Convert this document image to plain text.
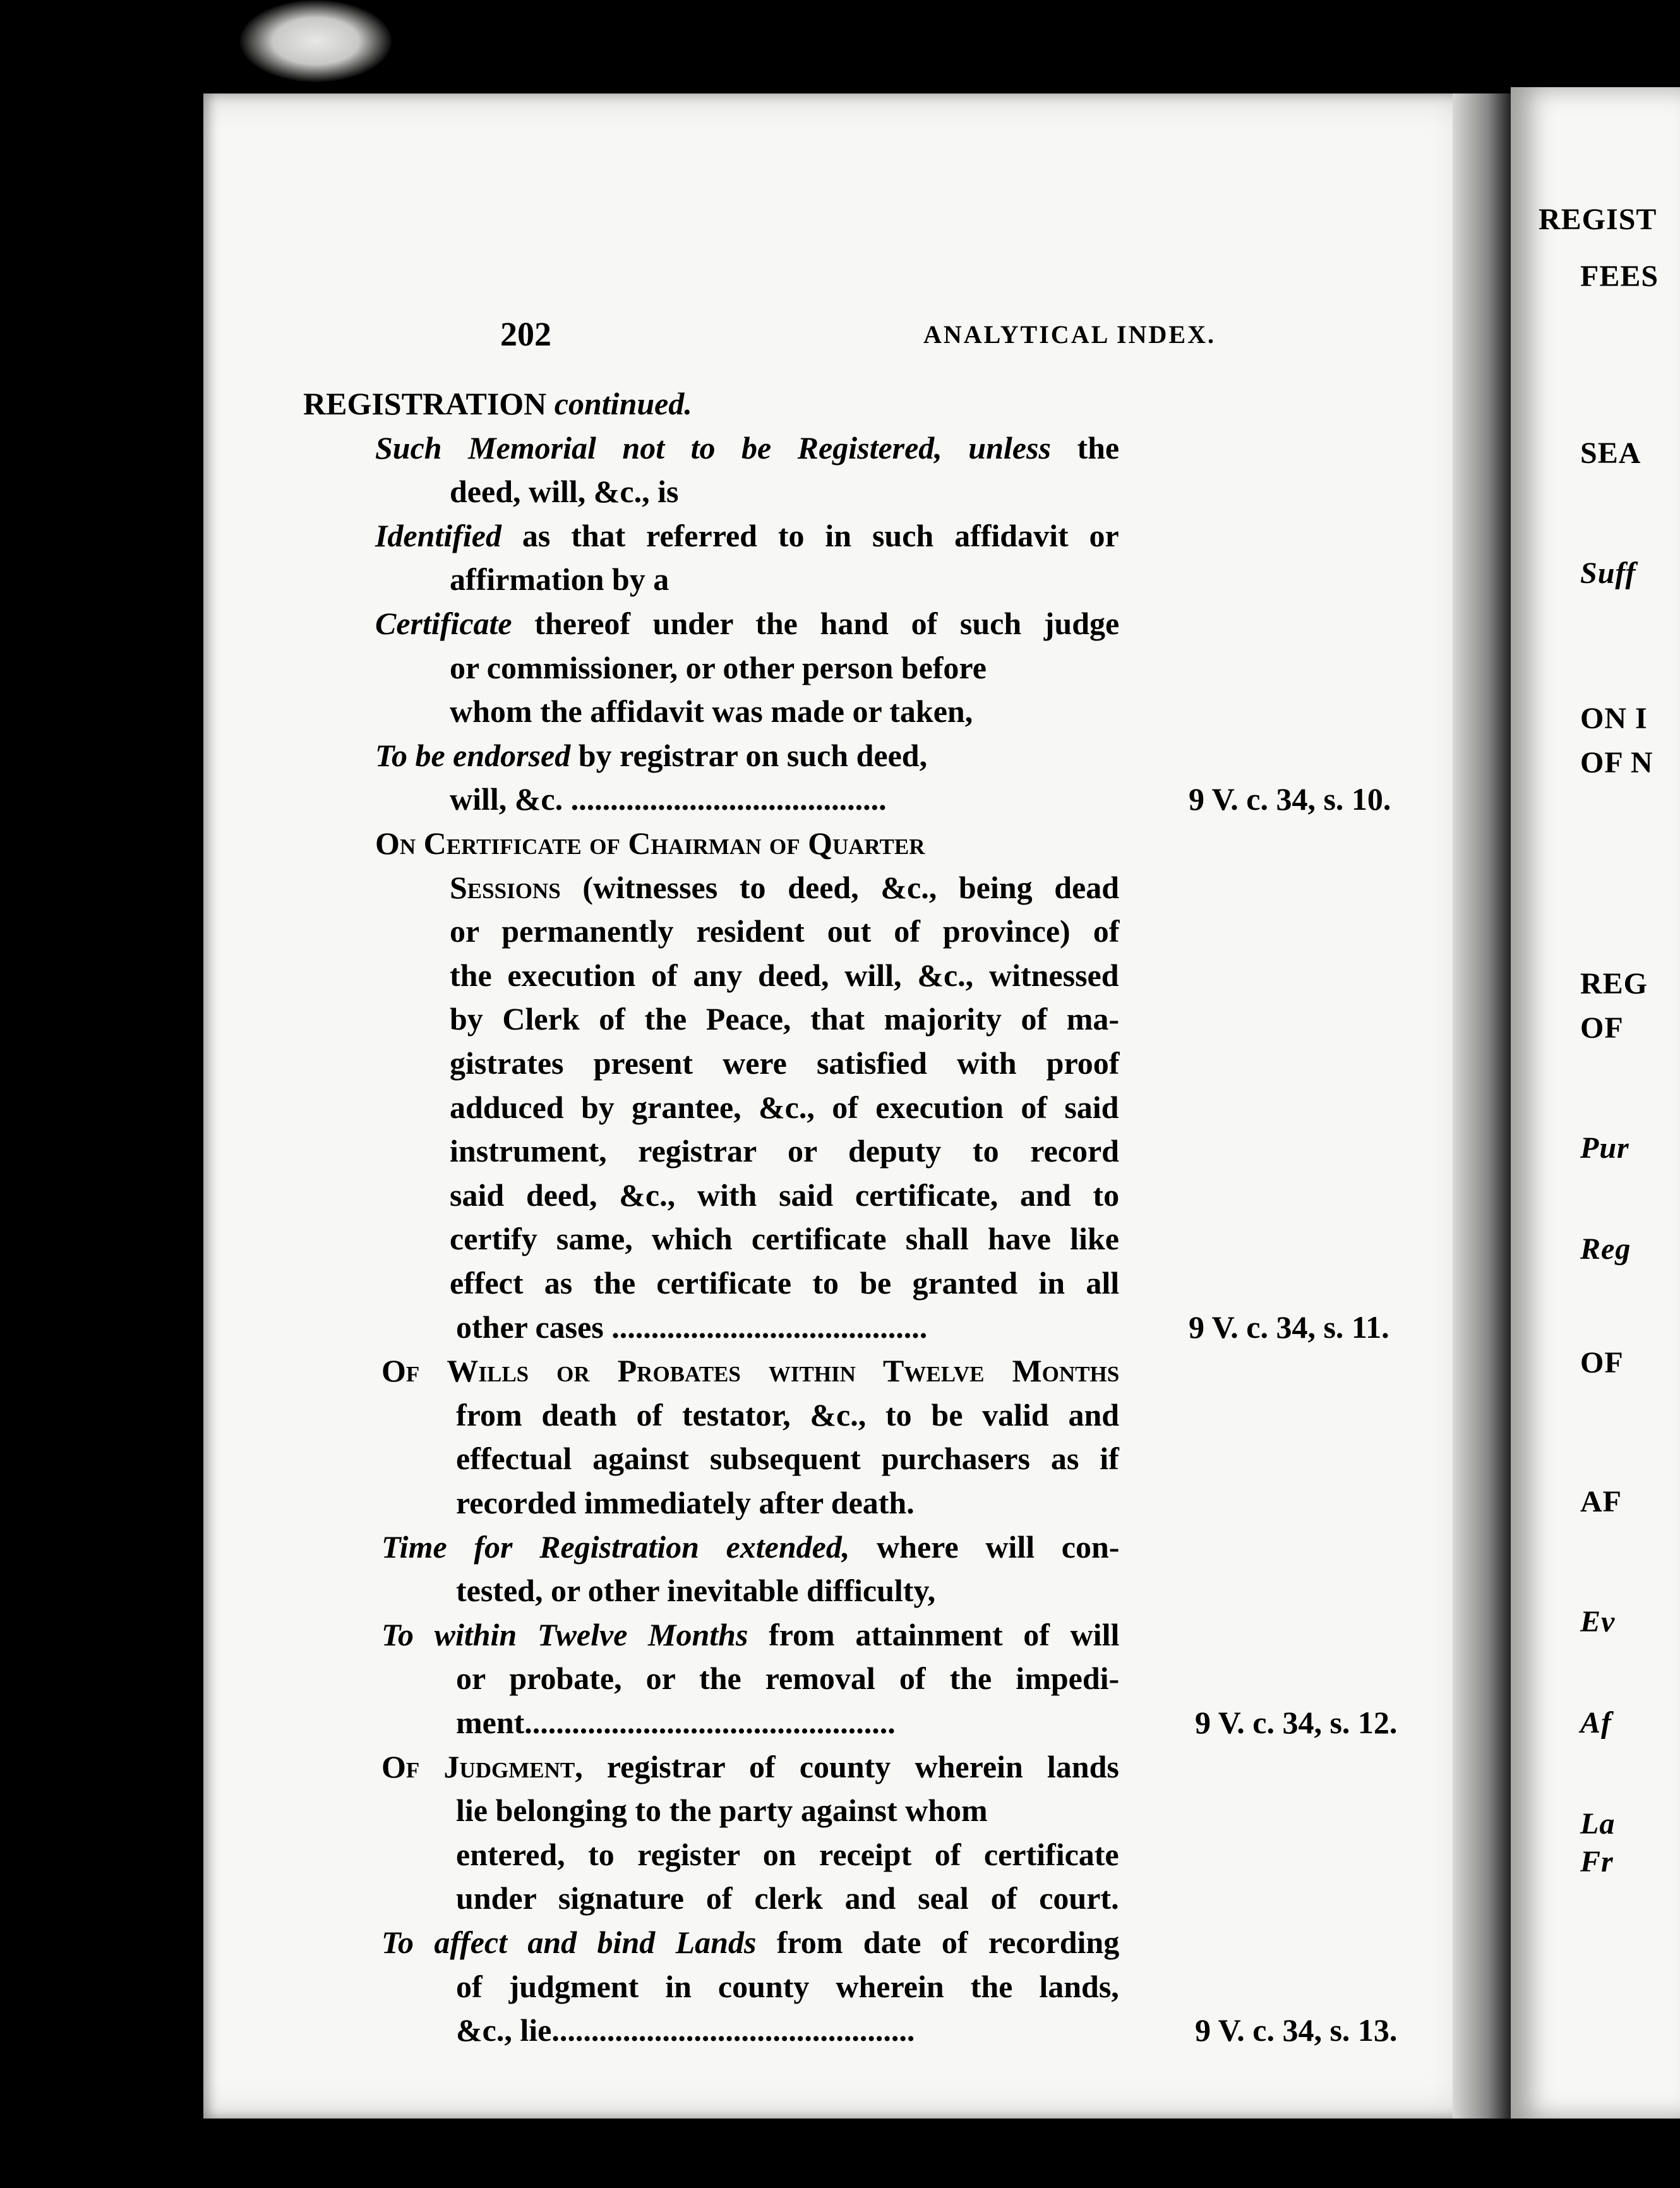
202	ANALYTICAL INDEX.
REGISTRATION continued.
Such Memorial not to be Registered, unless the
deed, will, &c., is
Identified as that referred to in such affidavit or
affirmation by a
Certificate thereof under the hand of such judge
or commissioner, or other person before
whom the affidavit was made or taken,
To be endorsed by registrar on such deed,
will, &c. ........................................
On Certificate of Chairman of Quarter
Sessions (witnesses to deed, &c., being dead
or permanently resident out of province) of
the execution of any deed, will, &c., witnessed
by Clerk of the Peace, that majority of ma-
gistrates present were satisfied with proof
adduced by grantee, &c., of execution of said
instrument, registrar or deputy to record
said deed, &c., with said certificate, and to
certify same, which certificate shall have like
effect as the certificate to be granted in all
other cases ........................................
Of Wills or Probates within Twelve Months
from death of testator, &c., to be valid and
effectual against subsequent purchasers as if
recorded immediately after death.
Time for Registration extended, where will con-
tested, or other inevitable difficulty,
To within Twelve Months from attainment of will
or probate, or the removal of the impedi-
ment...............................................
Of Judgment, registrar of county wherein lands
lie belonging to the party against whom
entered, to register on receipt of certificate
under signature of clerk and seal of court.
To affect and bind Lands from date of recording
of judgment in county wherein the lands,
&c., lie..............................................
9 V. c. 34, s. 10.
9 V. c. 34, s. 11.
9 V. c. 34, s. 12.
9 V. c. 34, s. 13.
REGIST
FEES
SEA
Suff
ON I
OF N
REG
OF
Pur
Reg
OF
AF
Ev
Af
La
Fr
